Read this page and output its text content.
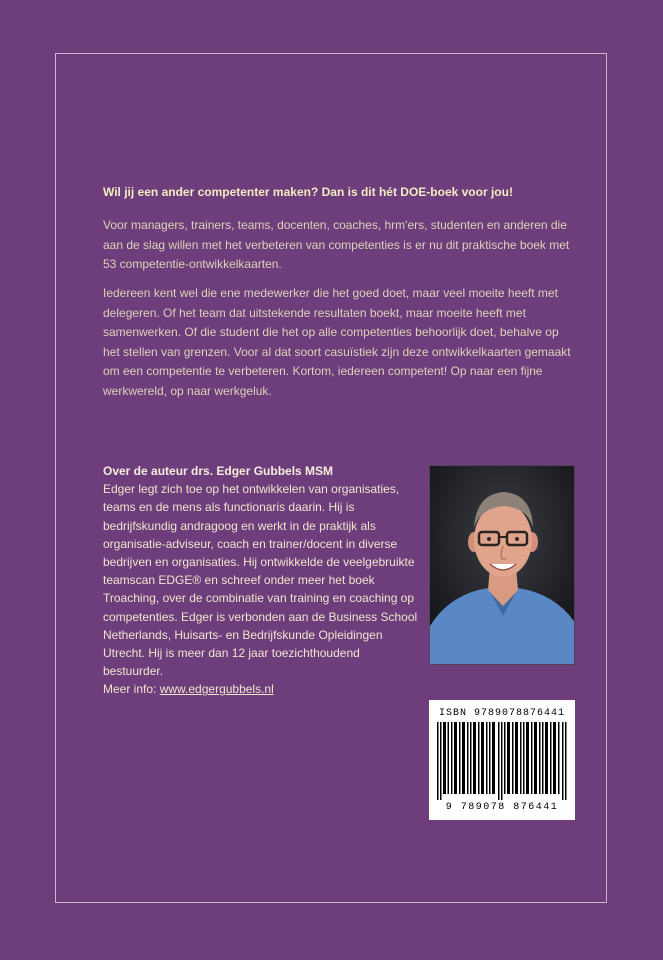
Wil jij een ander competenter maken? Dan is dit hét DOE-boek voor jou!

Voor managers, trainers, teams, docenten, coaches, hrm'ers, studenten en anderen die aan de slag willen met het verbeteren van competenties is er nu dit praktische boek met 53 competentie-ontwikkelkaarten.

Iedereen kent wel die ene medewerker die het goed doet, maar veel moeite heeft met delegeren. Of het team dat uitstekende resultaten boekt, maar moeite heeft met samenwerken. Of die student die het op alle competenties behoorlijk doet, behalve op het stellen van grenzen. Voor al dat soort casuïstiek zijn deze ontwikkelkaarten gemaakt om een competentie te verbeteren. Kortom, iedereen competent! Op naar een fijne werkwereld, op naar werkgeluk.

Over de auteur drs. Edger Gubbels MSM
Edger legt zich toe op het ontwikkelen van organisaties, teams en de mens als functionaris daarin. Hij is bedrijfskundig andragoog en werkt in de praktijk als organisatie-adviseur, coach en trainer/docent in diverse bedrijven en organisaties. Hij ontwikkelde de veelgebruikte teamscan EDGE® en schreef onder meer het boek Troaching, over de combinatie van training en coaching op competenties. Edger is verbonden aan de Business School Netherlands, Huisarts- en Bedrijfskunde Opleidingen Utrecht. Hij is meer dan 12 jaar toezichthoudend bestuurder.
Meer info: www.edgergubbels.nl

ISBN 9789078876441
9 789078 876441
